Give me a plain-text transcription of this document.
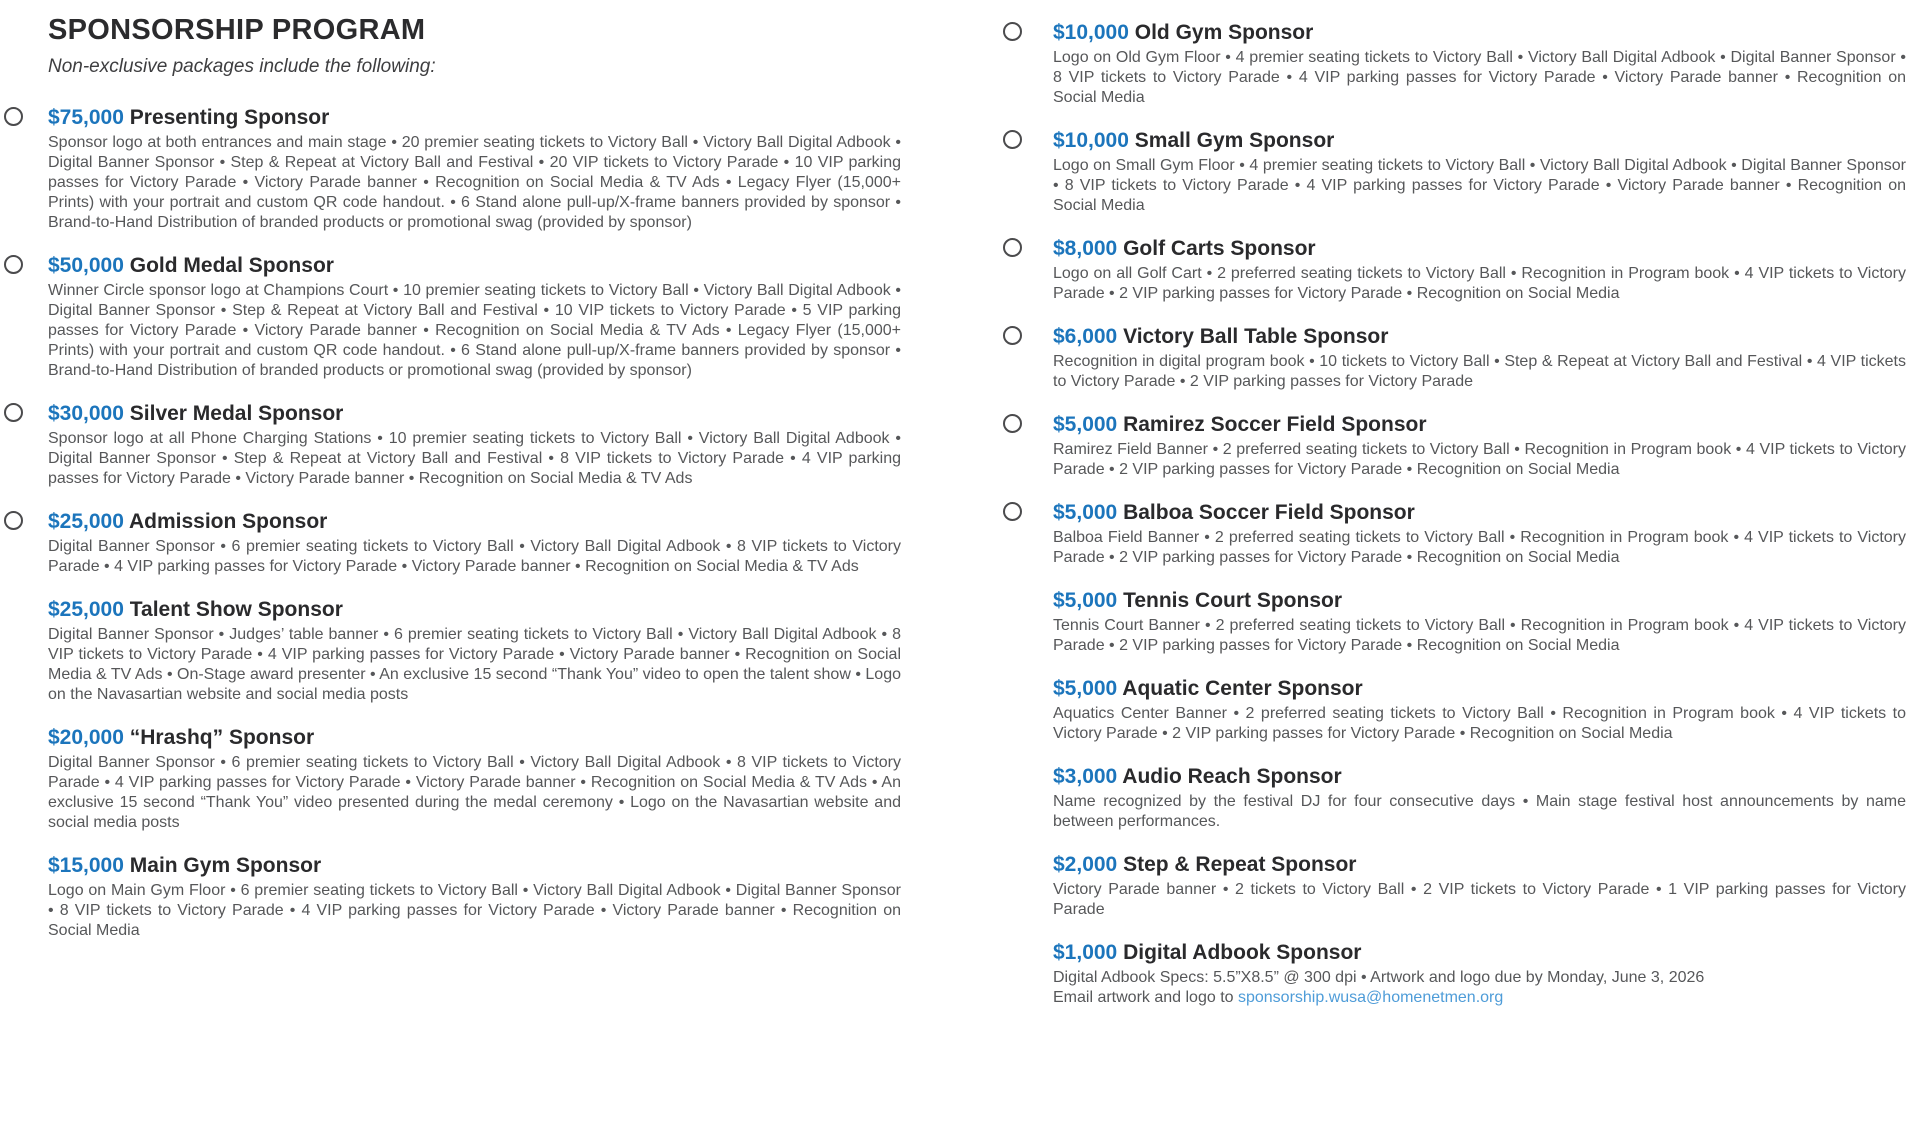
SPONSORSHIP PROGRAM

Non-exclusive packages include the following:

$75,000 Presenting Sponsor

Sponsor logo at both entrances and main stage • 20 premier seating tickets to Victory Ball • Victory Ball Digital Adbook • Digital Banner Sponsor • Step & Repeat at Victory Ball and Festival • 20 VIP tickets to Victory Parade • 10 VIP parking passes for Victory Parade • Victory Parade banner • Recognition on Social Media & TV Ads • Legacy Flyer (15,000+ Prints) with your portrait and custom QR code handout. • 6 Stand alone pull-up/X-frame banners provided by sponsor • Brand-to-Hand Distribution of branded products or promotional swag (provided by sponsor)

$50,000 Gold Medal Sponsor

Winner Circle sponsor logo at Champions Court • 10 premier seating tickets to Victory Ball • Victory Ball Digital Adbook • Digital Banner Sponsor • Step & Repeat at Victory Ball and Festival • 10 VIP tickets to Victory Parade • 5 VIP parking passes for Victory Parade • Victory Parade banner • Recognition on Social Media & TV Ads • Legacy Flyer (15,000+ Prints) with your portrait and custom QR code handout. • 6 Stand alone pull-up/X-frame banners provided by sponsor • Brand-to-Hand Distribution of branded products or promotional swag (provided by sponsor)

$30,000 Silver Medal Sponsor

Sponsor logo at all Phone Charging Stations • 10 premier seating tickets to Victory Ball • Victory Ball Digital Adbook • Digital Banner Sponsor • Step & Repeat at Victory Ball and Festival • 8 VIP tickets to Victory Parade • 4 VIP parking passes for Victory Parade • Victory Parade banner • Recognition on Social Media & TV Ads

$25,000 Admission Sponsor

Digital Banner Sponsor • 6 premier seating tickets to Victory Ball • Victory Ball Digital Adbook • 8 VIP tickets to Victory Parade • 4 VIP parking passes for Victory Parade • Victory Parade banner • Recognition on Social Media & TV Ads

$25,000 Talent Show Sponsor

Digital Banner Sponsor • Judges’ table banner • 6 premier seating tickets to Victory Ball • Victory Ball Digital Adbook • 8 VIP tickets to Victory Parade • 4 VIP parking passes for Victory Parade • Victory Parade banner • Recognition on Social Media & TV Ads • On-Stage award presenter • An exclusive 15 second “Thank You” video to open the talent show • Logo on the Navasartian website and social media posts

$20,000 “Hrashq” Sponsor

Digital Banner Sponsor • 6 premier seating tickets to Victory Ball • Victory Ball Digital Adbook • 8 VIP tickets to Victory Parade • 4 VIP parking passes for Victory Parade • Victory Parade banner • Recognition on Social Media & TV Ads • An exclusive 15 second “Thank You” video presented during the medal ceremony • Logo on the Navasartian website and social media posts

$15,000 Main Gym Sponsor

Logo on Main Gym Floor • 6 premier seating tickets to Victory Ball • Victory Ball Digital Adbook • Digital Banner Sponsor • 8 VIP tickets to Victory Parade • 4 VIP parking passes for Victory Parade • Victory Parade banner • Recognition on Social Media

$10,000 Old Gym Sponsor

Logo on Old Gym Floor • 4 premier seating tickets to Victory Ball • Victory Ball Digital Adbook • Digital Banner Sponsor • 8 VIP tickets to Victory Parade • 4 VIP parking passes for Victory Parade • Victory Parade banner • Recognition on Social Media

$10,000 Small Gym Sponsor

Logo on Small Gym Floor • 4 premier seating tickets to Victory Ball • Victory Ball Digital Adbook • Digital Banner Sponsor • 8 VIP tickets to Victory Parade • 4 VIP parking passes for Victory Parade • Victory Parade banner • Recognition on Social Media

$8,000 Golf Carts Sponsor

Logo on all Golf Cart • 2 preferred seating tickets to Victory Ball • Recognition in Program book • 4 VIP tickets to Victory Parade • 2 VIP parking passes for Victory Parade • Recognition on Social Media

$6,000 Victory Ball Table Sponsor

Recognition in digital program book • 10 tickets to Victory Ball • Step & Repeat at Victory Ball and Festival • 4 VIP tickets to Victory Parade • 2 VIP parking passes for Victory Parade

$5,000 Ramirez Soccer Field Sponsor

Ramirez Field Banner • 2 preferred seating tickets to Victory Ball • Recognition in Program book • 4 VIP tickets to Victory Parade • 2 VIP parking passes for Victory Parade • Recognition on Social Media

$5,000 Balboa Soccer Field Sponsor

Balboa Field Banner • 2 preferred seating tickets to Victory Ball • Recognition in Program book • 4 VIP tickets to Victory Parade • 2 VIP parking passes for Victory Parade • Recognition on Social Media

$5,000 Tennis Court Sponsor

Tennis Court Banner • 2 preferred seating tickets to Victory Ball • Recognition in Program book • 4 VIP tickets to Victory Parade • 2 VIP parking passes for Victory Parade • Recognition on Social Media

$5,000 Aquatic Center Sponsor

Aquatics Center Banner • 2 preferred seating tickets to Victory Ball • Recognition in Program book • 4 VIP tickets to Victory Parade • 2 VIP parking passes for Victory Parade • Recognition on Social Media

$3,000 Audio Reach Sponsor

Name recognized by the festival DJ for four consecutive days • Main stage festival host announcements by name between performances.

$2,000 Step & Repeat Sponsor

Victory Parade banner • 2 tickets to Victory Ball • 2 VIP tickets to Victory Parade • 1 VIP parking passes for Victory Parade

$1,000 Digital Adbook Sponsor

Digital Adbook Specs: 5.5”X8.5” @ 300 dpi • Artwork and logo due by Monday, June 3, 2026

Email artwork and logo to sponsorship.wusa@homenetmen.org
